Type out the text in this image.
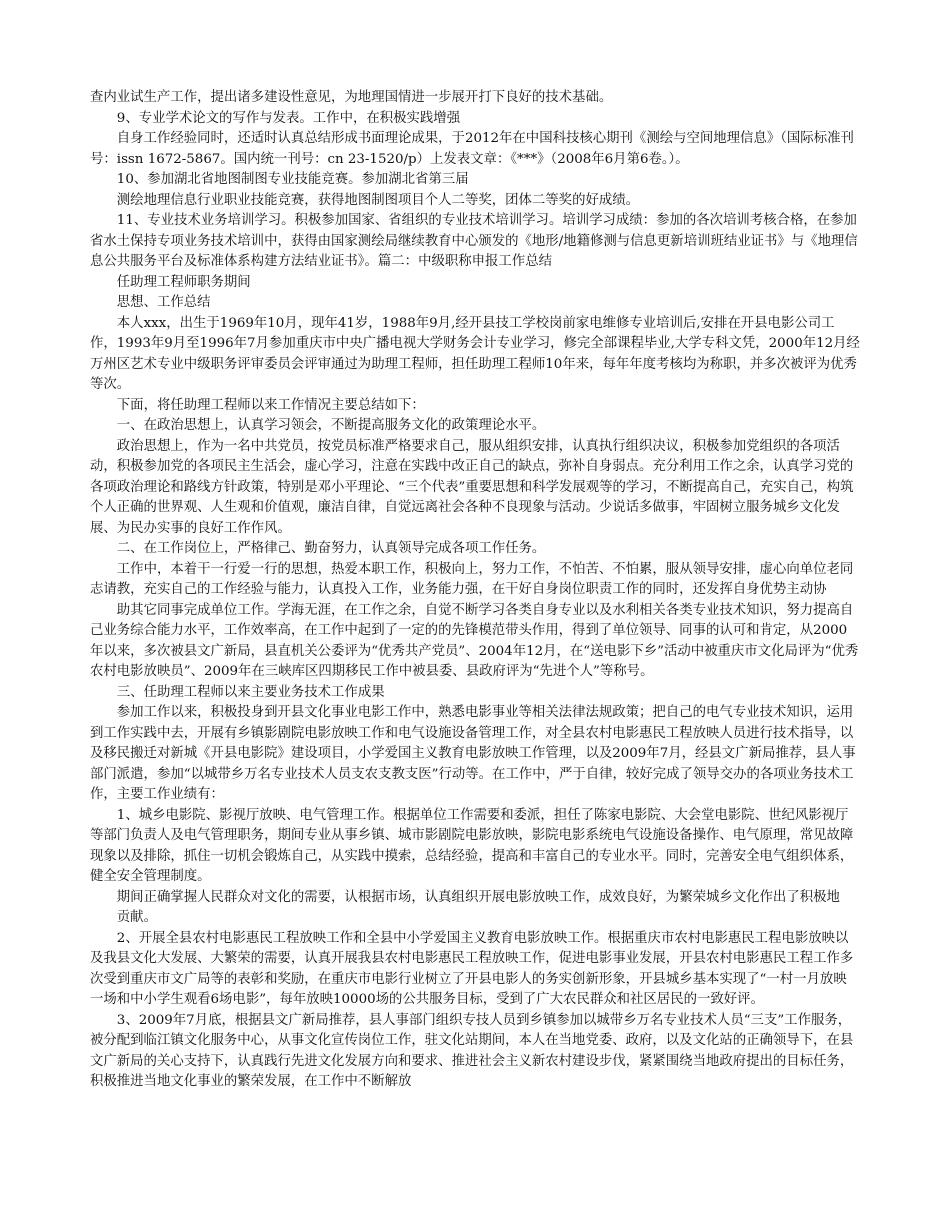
查内业试生产工作，提出诸多建设性意见，为地理国情进一步展开打下良好的技术基础。

9、专业学术论文的写作与发表。工作中，在积极实践增强

自身工作经验同时，还适时认真总结形成书面理论成果，于2012年在中国科技核心期刊《测绘与空间地理信息》（国际标准刊号：issn 1672-5867。国内统一刊号：cn 23-1520/p）上发表文章：《***》（2008年6月第6卷。）。

10、参加湖北省地图制图专业技能竞赛。参加湖北省第三届

测绘地理信息行业职业技能竞赛，获得地图制图项目个人二等奖，团体二等奖的好成绩。

11、专业技术业务培训学习。积极参加国家、省组织的专业技术培训学习。培训学习成绩：参加的各次培训考核合格，在参加省水土保持专项业务技术培训中，获得由国家测绘局继续教育中心颁发的《地形/地籍修测与信息更新培训班结业证书》与《地理信息公共服务平台及标准体系构建方法结业证书》。篇二：中级职称申报工作总结

任助理工程师职务期间

思想、工作总结

本人xxx，出生于1969年10月，现年41岁，1988年9月,经开县技工学校岗前家电维修专业培训后,安排在开县电影公司工作，1993年9月至1996年7月参加重庆市中央广播电视大学财务会计专业学习，修完全部课程毕业,大学专科文凭，2000年12月经万州区艺术专业中级职务评审委员会评审通过为助理工程师，担任助理工程师10年来，每年年度考核均为称职，并多次被评为优秀等次。

下面，将任助理工程师以来工作情况主要总结如下：

一、在政治思想上，认真学习领会，不断提高服务文化的政策理论水平。

政治思想上，作为一名中共党员，按党员标准严格要求自己，服从组织安排，认真执行组织决议，积极参加党组织的各项活动，积极参加党的各项民主生活会，虚心学习，注意在实践中改正自己的缺点，弥补自身弱点。充分利用工作之余，认真学习党的各项政治理论和路线方针政策，特别是邓小平理论、“三个代表”重要思想和科学发展观等的学习，不断提高自己，充实自己，构筑个人正确的世界观、人生观和价值观，廉洁自律，自觉远离社会各种不良现象与活动。少说话多做事，牢固树立服务城乡文化发展、为民办实事的良好工作作风。

二、在工作岗位上，严格律己、勤奋努力，认真领导完成各项工作任务。

工作中，本着干一行爱一行的思想，热爱本职工作，积极向上，努力工作，不怕苦、不怕累，服从领导安排，虚心向单位老同志请教，充实自己的工作经验与能力，认真投入工作，业务能力强，在干好自身岗位职责工作的同时，还发挥自身优势主动协

助其它同事完成单位工作。学海无涯，在工作之余，自觉不断学习各类自身专业以及水利相关各类专业技术知识，努力提高自己业务综合能力水平，工作效率高，在工作中起到了一定的的先锋模范带头作用，得到了单位领导、同事的认可和肯定，从2000年以来，多次被县文广新局，县直机关公委评为“优秀共产党员”、2004年12月，在“送电影下乡”活动中被重庆市文化局评为“优秀农村电影放映员”、2009年在三峡库区四期移民工作中被县委、县政府评为“先进个人”等称号。

三、任助理工程师以来主要业务技术工作成果

参加工作以来，积极投身到开县文化事业电影工作中，熟悉电影事业等相关法律法规政策；把自己的电气专业技术知识，运用到工作实践中去，开展有乡镇影剧院电影放映工作和电气设施设备管理工作，对全县农村电影惠民工程放映人员进行技术指导，以及移民搬迁对新城《开县电影院》建设项目，小学爱国主义教育电影放映工作管理，以及2009年7月，经县文广新局推荐，县人事部门派遣，参加“以城带乡万名专业技术人员支农支教支医”行动等。在工作中，严于自律，较好完成了领导交办的各项业务技术工作，主要工作业绩有：

1、城乡电影院、影视厅放映、电气管理工作。根据单位工作需要和委派，担任了陈家电影院、大会堂电影院、世纪风影视厅等部门负责人及电气管理职务，期间专业从事乡镇、城市影剧院电影放映，影院电影系统电气设施设备操作、电气原理，常见故障现象以及排除，抓住一切机会锻炼自己，从实践中摸索，总结经验，提高和丰富自己的专业水平。同时，完善安全电气组织体系，健全安全管理制度。

期间正确掌握人民群众对文化的需要，认根据市场，认真组织开展电影放映工作，成效良好，为繁荣城乡文化作出了积极地

贡献。

2、开展全县农村电影惠民工程放映工作和全县中小学爱国主义教育电影放映工作。根据重庆市农村电影惠民工程电影放映以及我县文化大发展、大繁荣的需要，认真开展我县农村电影惠民工程放映工作，促进电影事业发展，开县农村电影惠民工程工作多次受到重庆市文广局等的表彰和奖励，在重庆市电影行业树立了开县电影人的务实创新形象，开县城乡基本实现了“一村一月放映一场和中小学生观看6场电影”，每年放映10000场的公共服务目标，受到了广大农民群众和社区居民的一致好评。

3、2009年7月底，根据县文广新局推荐，县人事部门组织专技人员到乡镇参加以城带乡万名专业技术人员“三支”工作服务，被分配到临江镇文化服务中心，从事文化宣传岗位工作，驻文化站期间，本人在当地党委、政府，以及文化站的正确领导下，在县文广新局的关心支持下，认真践行先进文化发展方向和要求、推进社会主义新农村建设步伐，紧紧围绕当地政府提出的目标任务，积极推进当地文化事业的繁荣发展，在工作中不断解放
